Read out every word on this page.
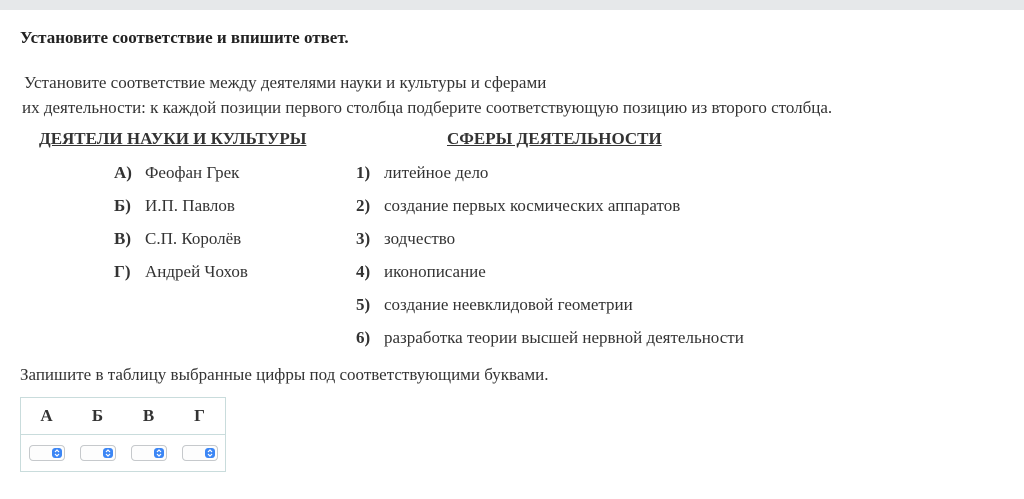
Установите соответствие и впишите ответ.
Установите соответствие между деятелями науки и культуры и сферами
их деятельности: к каждой позиции первого столбца подберите соответствующую позицию из второго столбца.
ДЕЯТЕЛИ НАУКИ И КУЛЬТУРЫ	СФЕРЫ ДЕЯТЕЛЬНОСТИ
А) Феофан Грек
Б) И.П. Павлов
В) С.П. Королёв
Г) Андрей Чохов
1) литейное дело
2) создание первых космических аппаратов
3) зодчество
4) иконописание
5) создание неевклидовой геометрии
6) разработка теории высшей нервной деятельности
Запишите в таблицу выбранные цифры под соответствующими буквами.
А	Б	В	Г
